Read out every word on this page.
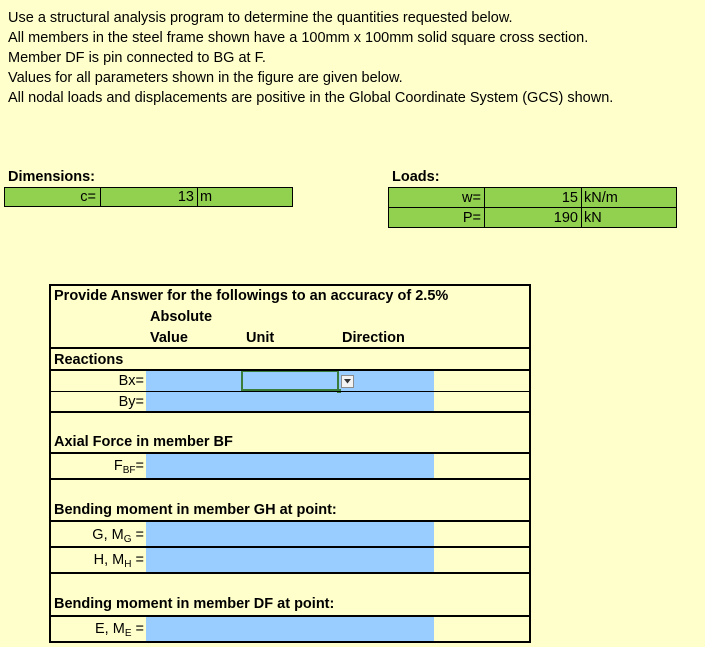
Use a structural analysis program to determine the quantities requested below.
All members in the steel frame shown have a 100mm x 100mm solid square cross section.
Member DF is pin connected to BG at F.
Values for all parameters shown in the figure are given below.
All nodal loads and displacements are positive in the Global Coordinate System (GCS) shown.
Dimensions:
c=	13 m
Loads:
w=	15 kN/m
P=	190 kN
Provide Answer for the followings to an accuracy of 2.5%
Absolute
Value	Unit	Direction
Reactions
Bx=
By=
Axial Force in member BF
$F_{BF}=$
Bending moment in member GH at point:
G, $M_G$ =
H, $M_H$ =
Bending moment in member DF at point:
E, $M_E$ =
